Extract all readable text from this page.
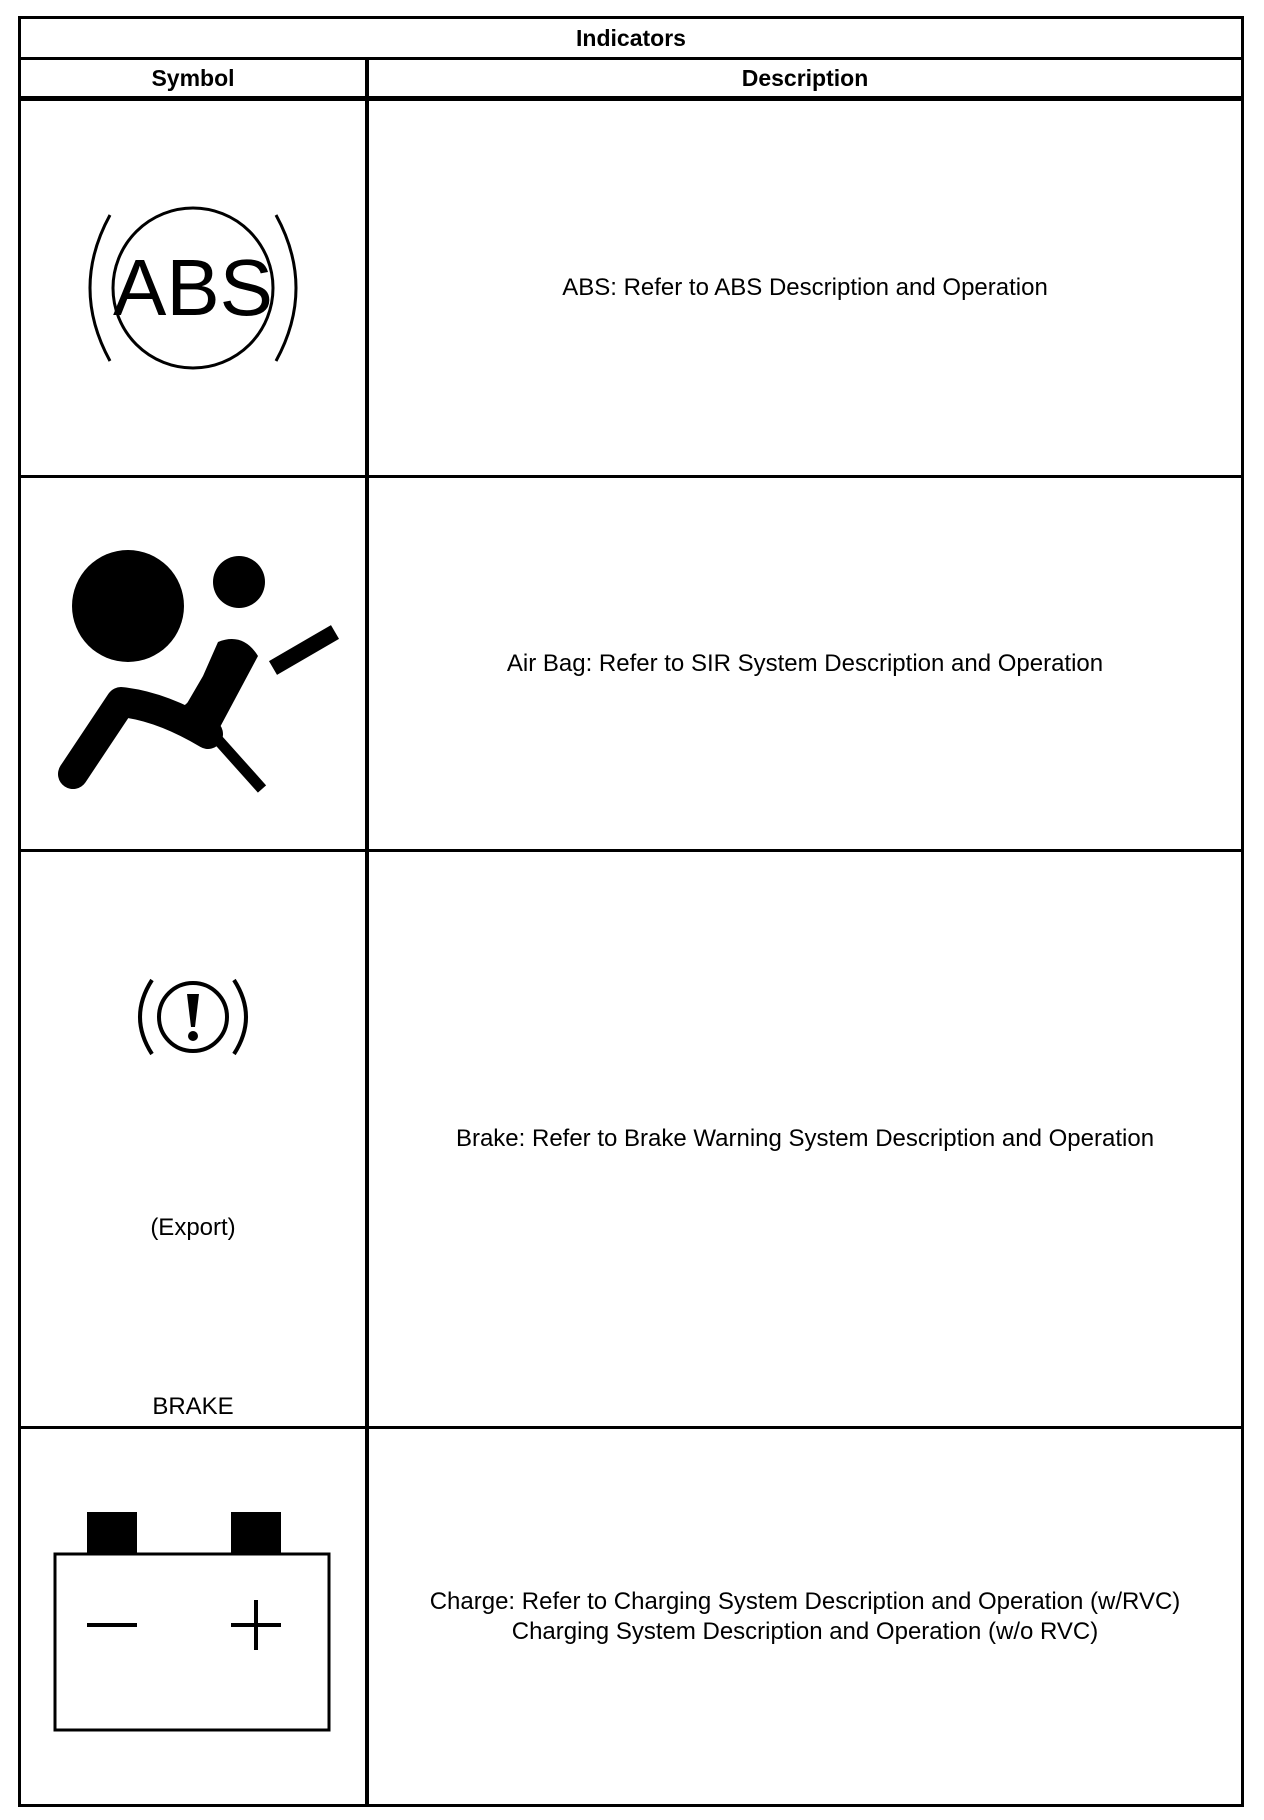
Indicators
Symbol	Description
ABS	ABS: Refer to ABS Description and Operation
Air Bag: Refer to SIR System Description and Operation
(Export)
BRAKE
Brake: Refer to Brake Warning System Description and Operation
Charge: Refer to Charging System Description and Operation (w/RVC)
Charging System Description and Operation (w/o RVC)
